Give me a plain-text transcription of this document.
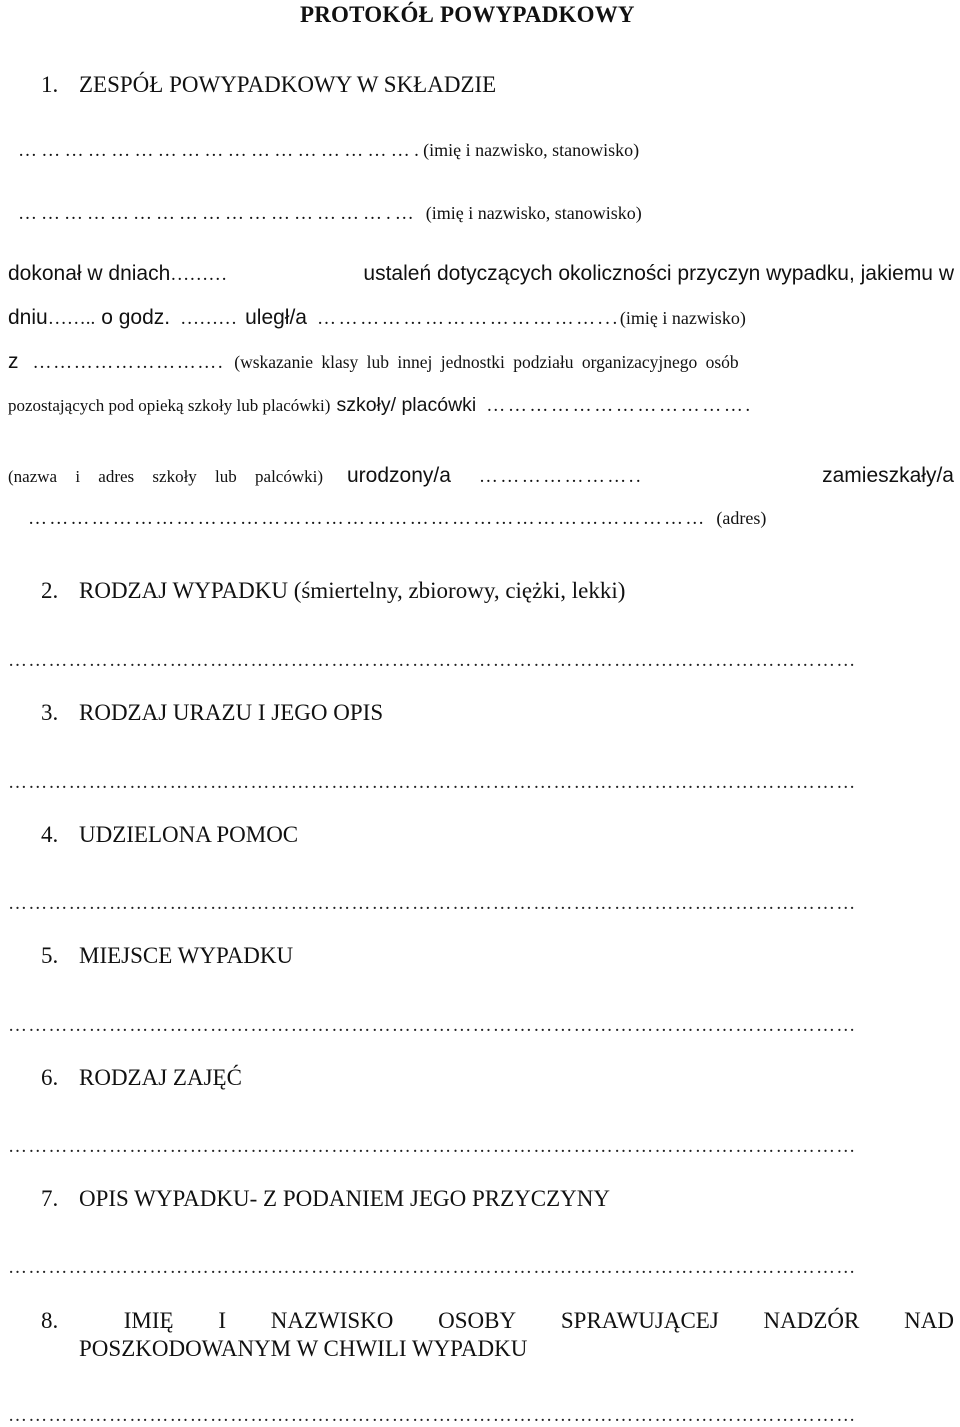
PROTOKÓŁ POWYPADKOWY
1. ZESPÓŁ POWYPADKOWY W SKŁADZIE
……………………………………………. (imię i nazwisko, stanowisko)
………………………………………….… (imię i nazwisko, stanowisko)
dokonał w dniach………	ustaleń dotyczących okoliczności przyczyn wypadku, jakiemu w
dniu …….. o godz. ……… uległ/a …………………………………... (imię i nazwisko)
z ………………………. (wskazanie klasy lub innej jednostki podziału organizacyjnego osób
pozostających pod opieką szkoły lub placówki) szkoły/ placówki ……………………………….
(nazwa i adres szkoły lub palcówki) urodzony/a …………………..	zamieszkały/a
…………………………………………………………………………………… (adres)
2. RODZAJ WYPADKU (śmiertelny, zbiorowy, ciężki, lekki)
………………………………………………………………………………………………………………
3. RODZAJ URAZU I JEGO OPIS
………………………………………………………………………………………………………………
4. UDZIELONA POMOC
………………………………………………………………………………………………………………
5. MIEJSCE WYPADKU
………………………………………………………………………………………………………………
6. RODZAJ ZAJĘĆ
………………………………………………………………………………………………………………
7. OPIS WYPADKU- Z PODANIEM JEGO PRZYCZYNY
………………………………………………………………………………………………………………
8.	IMIĘ I NAZWISKO OSOBY SPRAWUJĄCEJ NADZÓR NAD
POSZKODOWANYM W CHWILI WYPADKU
………………………………………………………………………………………………………………
